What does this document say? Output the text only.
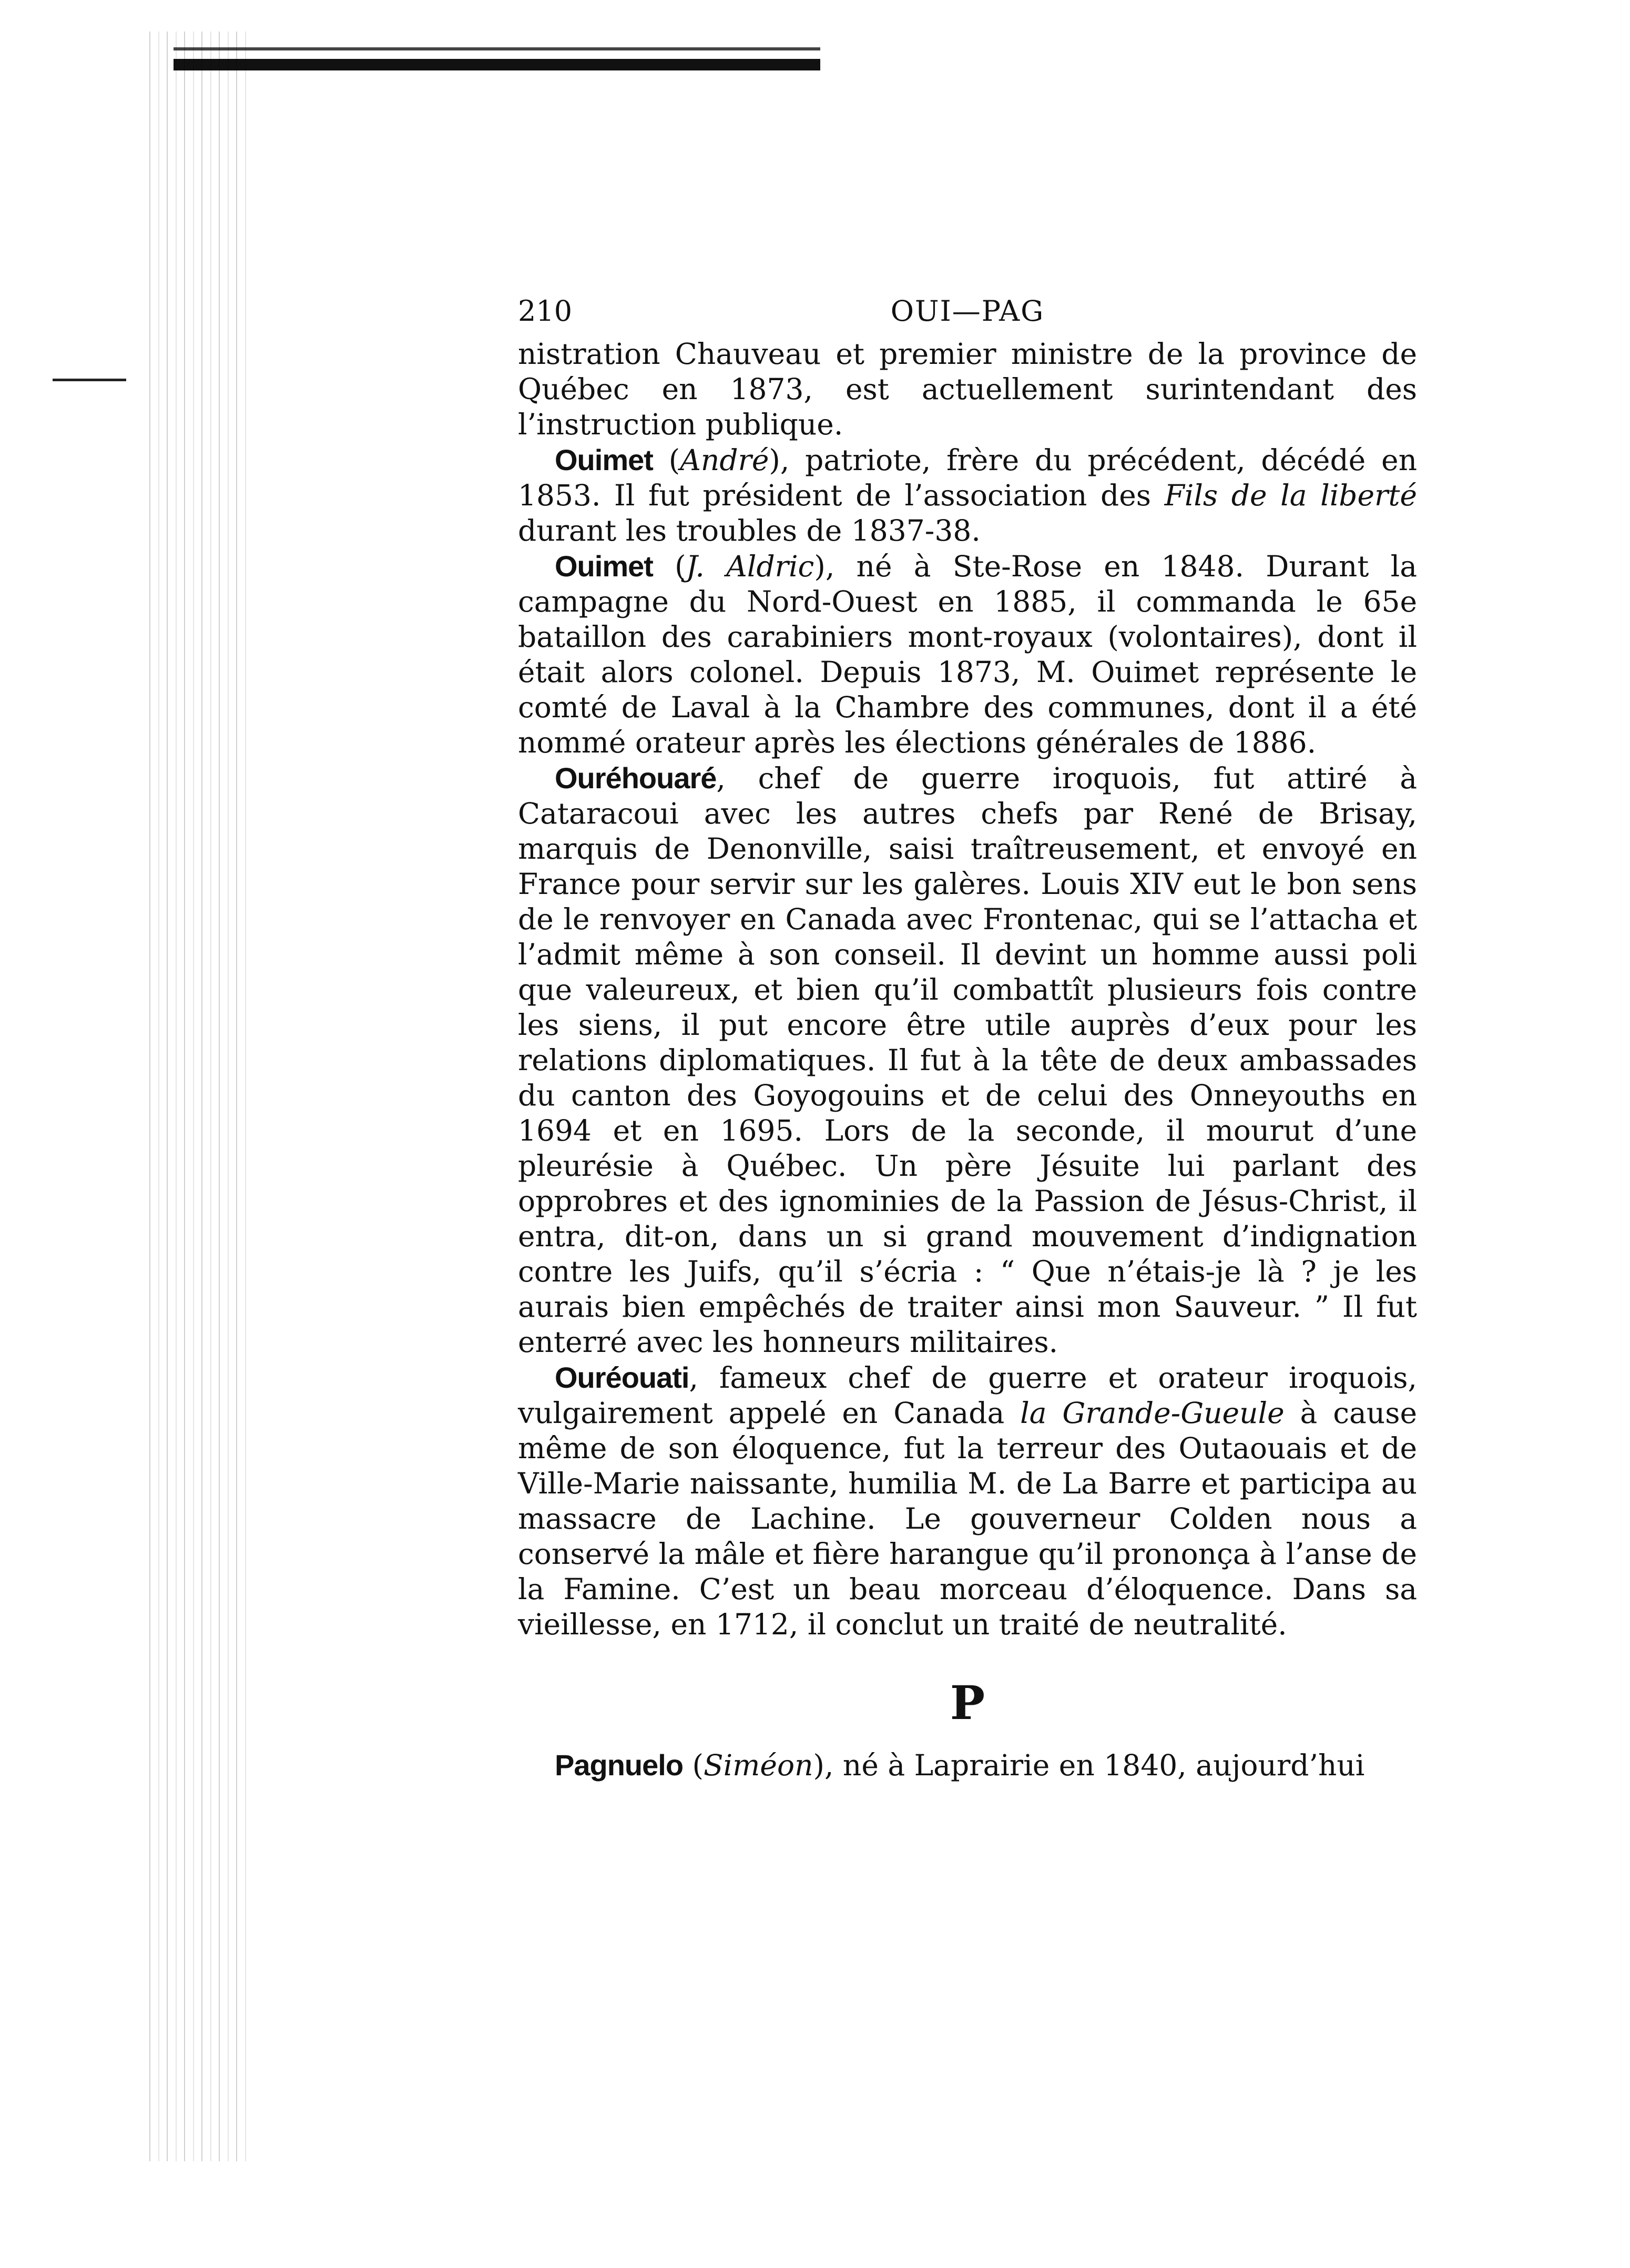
210	OUI—PAG

nistration Chauveau et premier ministre de la province de Québec en 1873, est actuellement surintendant des l’instruction publique.

Ouimet (André), patriote, frère du précédent, décédé en 1853. Il fut président de l’association des Fils de la liberté durant les troubles de 1837-38.

Ouimet (J. Aldric), né à Ste-Rose en 1848. Durant la campagne du Nord-Ouest en 1885, il commanda le 65e bataillon des carabiniers mont-royaux (volontaires), dont il était alors colonel. Depuis 1873, M. Ouimet représente le comté de Laval à la Chambre des communes, dont il a été nommé orateur après les élections générales de 1886.

Ouréhouaré, chef de guerre iroquois, fut attiré à Cataracoui avec les autres chefs par René de Brisay, marquis de Denonville, saisi traîtreusement, et envoyé en France pour servir sur les galères. Louis XIV eut le bon sens de le renvoyer en Canada avec Frontenac, qui se l’attacha et l’admit même à son conseil. Il devint un homme aussi poli que valeureux, et bien qu’il combattît plusieurs fois contre les siens, il put encore être utile auprès d’eux pour les relations diplomatiques. Il fut à la tête de deux ambassades du canton des Goyogouins et de celui des Onneyouths en 1694 et en 1695. Lors de la seconde, il mourut d’une pleurésie à Québec. Un père Jésuite lui parlant des opprobres et des ignominies de la Passion de Jésus-Christ, il entra, dit-on, dans un si grand mouvement d’indignation contre les Juifs, qu’il s’écria : “ Que n’étais-je là ? je les aurais bien empêchés de traiter ainsi mon Sauveur. ” Il fut enterré avec les honneurs militaires.

Ouréouati, fameux chef de guerre et orateur iroquois, vulgairement appelé en Canada la Grande-Gueule à cause même de son éloquence, fut la terreur des Outaouais et de Ville-Marie naissante, humilia M. de La Barre et participa au massacre de Lachine. Le gouverneur Colden nous a conservé la mâle et fière harangue qu’il prononça à l’anse de la Famine. C’est un beau morceau d’éloquence. Dans sa vieillesse, en 1712, il conclut un traité de neutralité.

P

Pagnuelo (Siméon), né à Laprairie en 1840, aujourd’hui
